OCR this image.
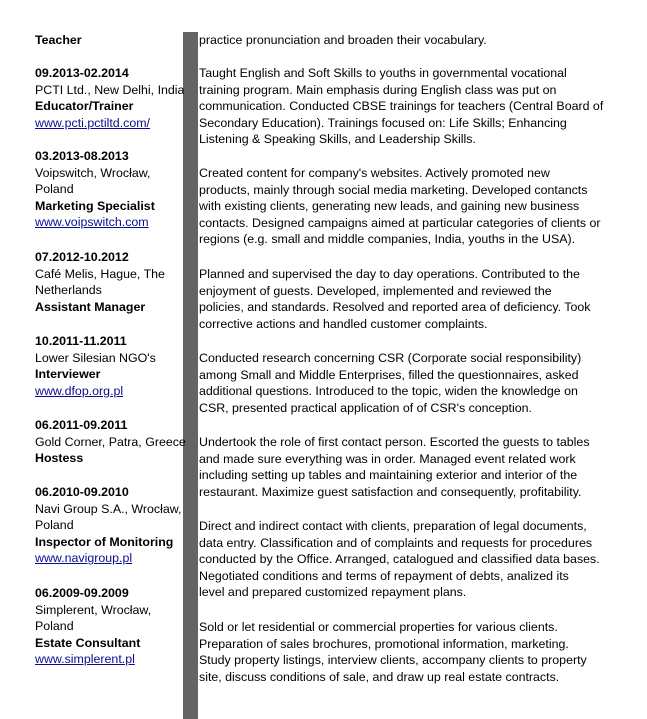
Teacher	practice pronunciation and broaden their vocabulary.
09.2013-02.2014
PCTI Ltd., New Delhi, India
Educator/Trainer
www.pcti.pctiltd.com/
Taught English and Soft Skills to youths in governmental vocational
training program. Main emphasis during English class was put on
communication. Conducted CBSE trainings for teachers (Central Board of
Secondary Education). Trainings focused on: Life Skills; Enhancing
Listening & Speaking Skills, and Leadership Skills.
03.2013-08.2013
Voipswitch, Wrocław,
Poland
Marketing Specialist
www.voipswitch.com
Created content for company's websites. Actively promoted new
products, mainly through social media marketing. Developed contancts
with existing clients, generating new leads, and gaining new business
contacts. Designed campaigns aimed at particular categories of clients or
regions (e.g. small and middle companies, India, youths in the USA).
07.2012-10.2012
Café Melis, Hague, The
Netherlands
Assistant Manager
Planned and supervised the day to day operations. Contributed to the
enjoyment of guests. Developed, implemented and reviewed the
policies, and standards. Resolved and reported area of deficiency. Took
corrective actions and handled customer complaints.
10.2011-11.2011
Lower Silesian NGO's
Interviewer
www.dfop.org.pl
Conducted research concerning CSR (Corporate social responsibility)
among Small and Middle Enterprises, filled the questionnaires, asked
additional questions. Introduced to the topic, widen the knowledge on
CSR, presented practical application of of CSR's conception.
06.2011-09.2011
Gold Corner, Patra, Greece
Hostess
Undertook the role of first contact person. Escorted the guests to tables
and made sure everything was in order. Managed event related work
including setting up tables and maintaining exterior and interior of the
restaurant. Maximize guest satisfaction and consequently, profitability.
06.2010-09.2010
Navi Group S.A., Wrocław,
Poland
Inspector of Monitoring
www.navigroup.pl
Direct and indirect contact with clients, preparation of legal documents,
data entry. Classification and of complaints and requests for procedures
conducted by the Office. Arranged, catalogued and classified data bases.
Negotiated conditions and terms of repayment of debts, analized its
level and prepared customized repayment plans.
06.2009-09.2009
Simplerent, Wrocław,
Poland
Estate Consultant
www.simplerent.pl
Sold or let residential or commercial properties for various clients.
Preparation of sales brochures, promotional information, marketing.
Study property listings, interview clients, accompany clients to property
site, discuss conditions of sale, and draw up real estate contracts.
